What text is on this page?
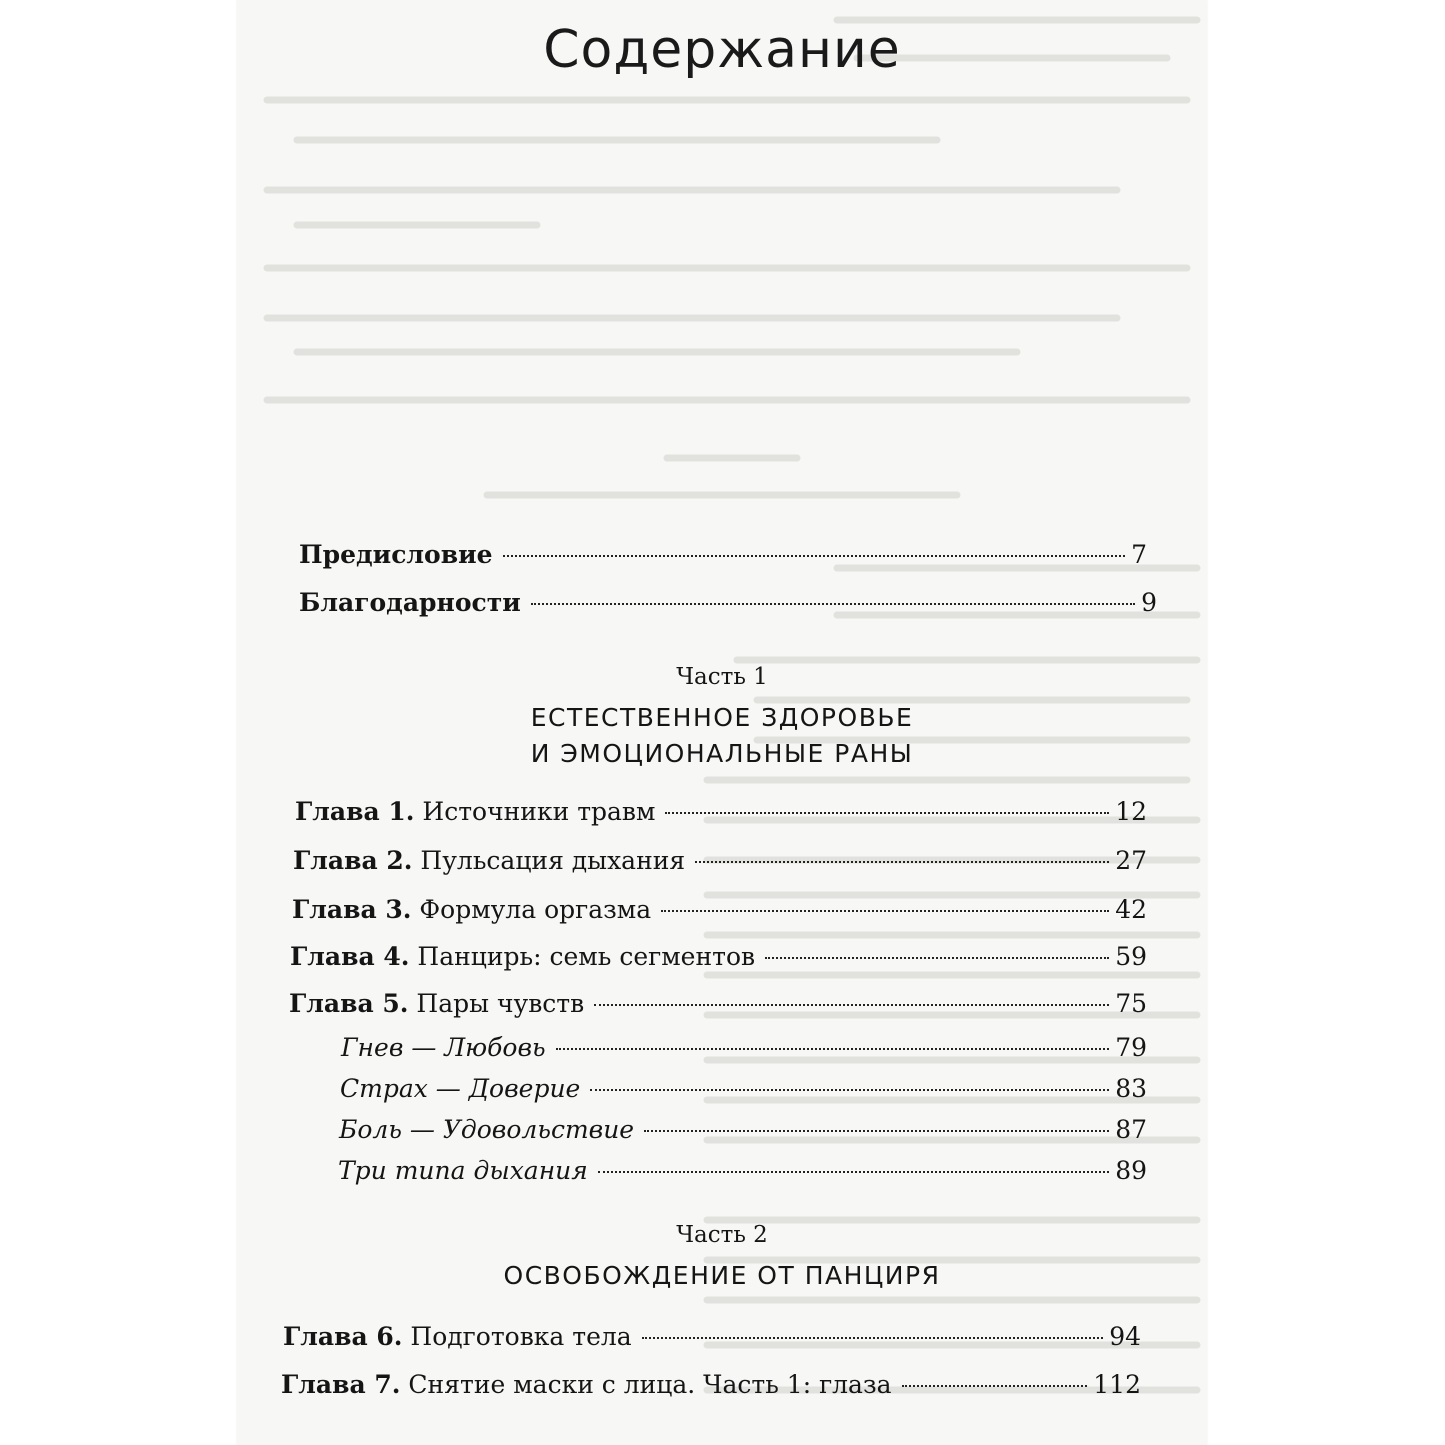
Содержание
Предисловие	7
Благодарности	9
Часть 1
ЕСТЕСТВЕННОЕ ЗДОРОВЬЕ
И ЭМОЦИОНАЛЬНЫЕ РАНЫ
Глава 1. Источники травм	12
Глава 2. Пульсация дыхания	27
Глава 3. Формула оргазма	42
Глава 4. Панцирь: семь сегментов	59
Глава 5. Пары чувств	75
Гнев — Любовь	79
Страх — Доверие	83
Боль — Удовольствие	87
Три типа дыхания	89
Часть 2
ОСВОБОЖДЕНИЕ ОТ ПАНЦИРЯ
Глава 6. Подготовка тела	94
Глава 7. Снятие маски с лица. Часть 1: глаза	112
